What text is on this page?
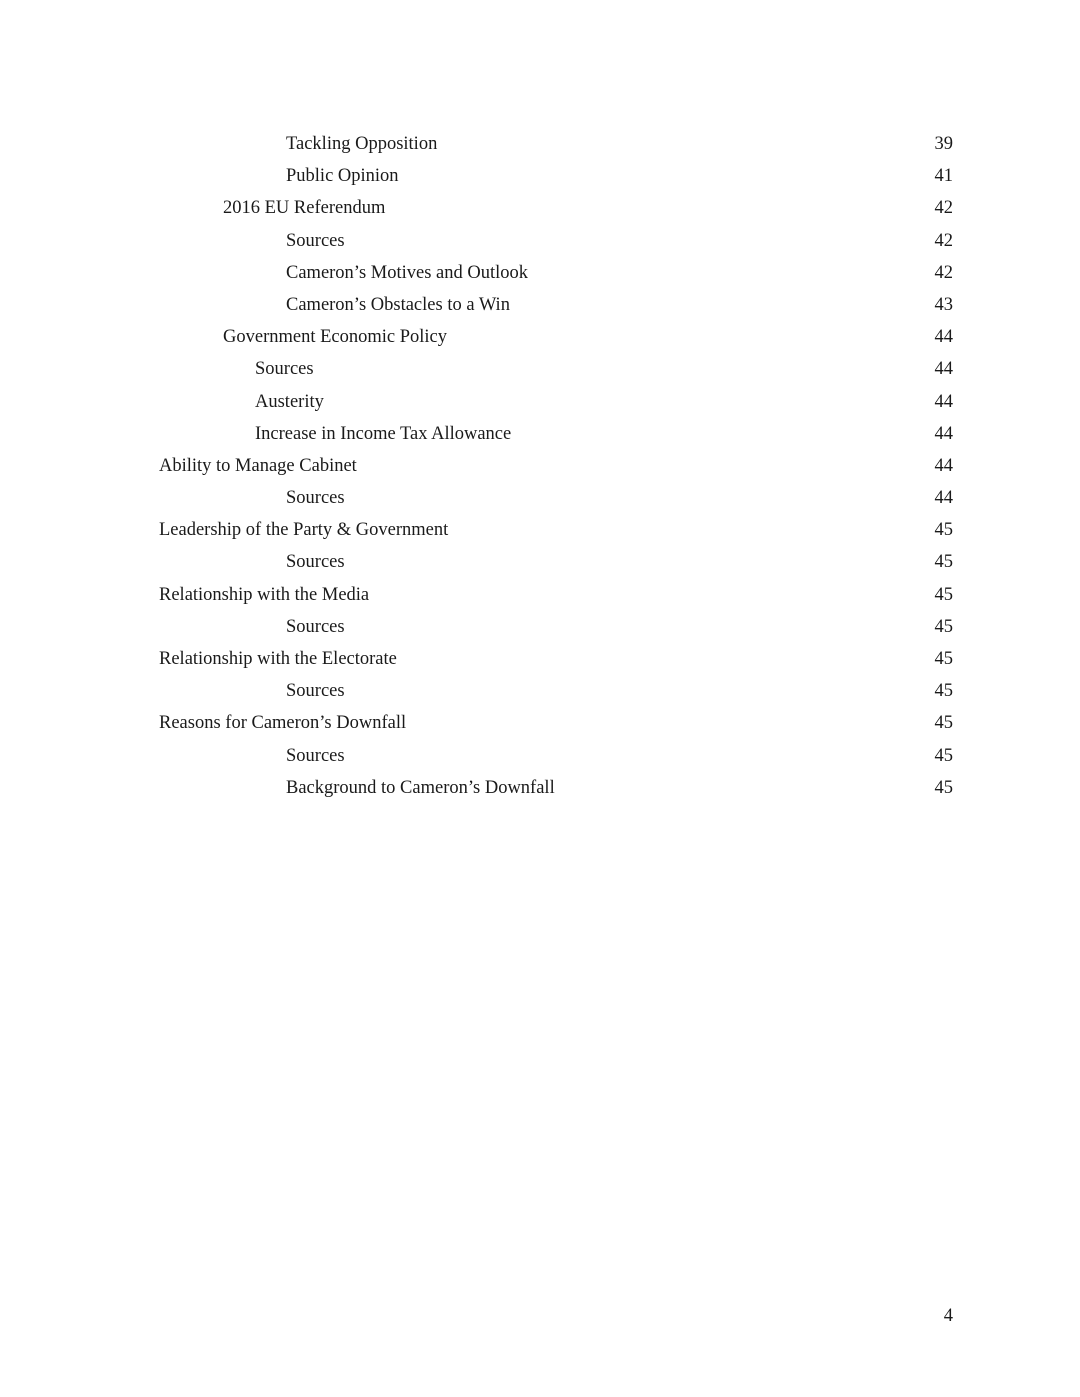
Tackling Opposition	39
Public Opinion	41
2016 EU Referendum	42
Sources	42
Cameron’s Motives and Outlook	42
Cameron’s Obstacles to a Win	43
Government Economic Policy	44
Sources	44
Austerity	44
Increase in Income Tax Allowance	44
Ability to Manage Cabinet	44
Sources	44
Leadership of the Party & Government	45
Sources	45
Relationship with the Media	45
Sources	45
Relationship with the Electorate	45
Sources	45
Reasons for Cameron’s Downfall	45
Sources	45
Background to Cameron’s Downfall	45
4
